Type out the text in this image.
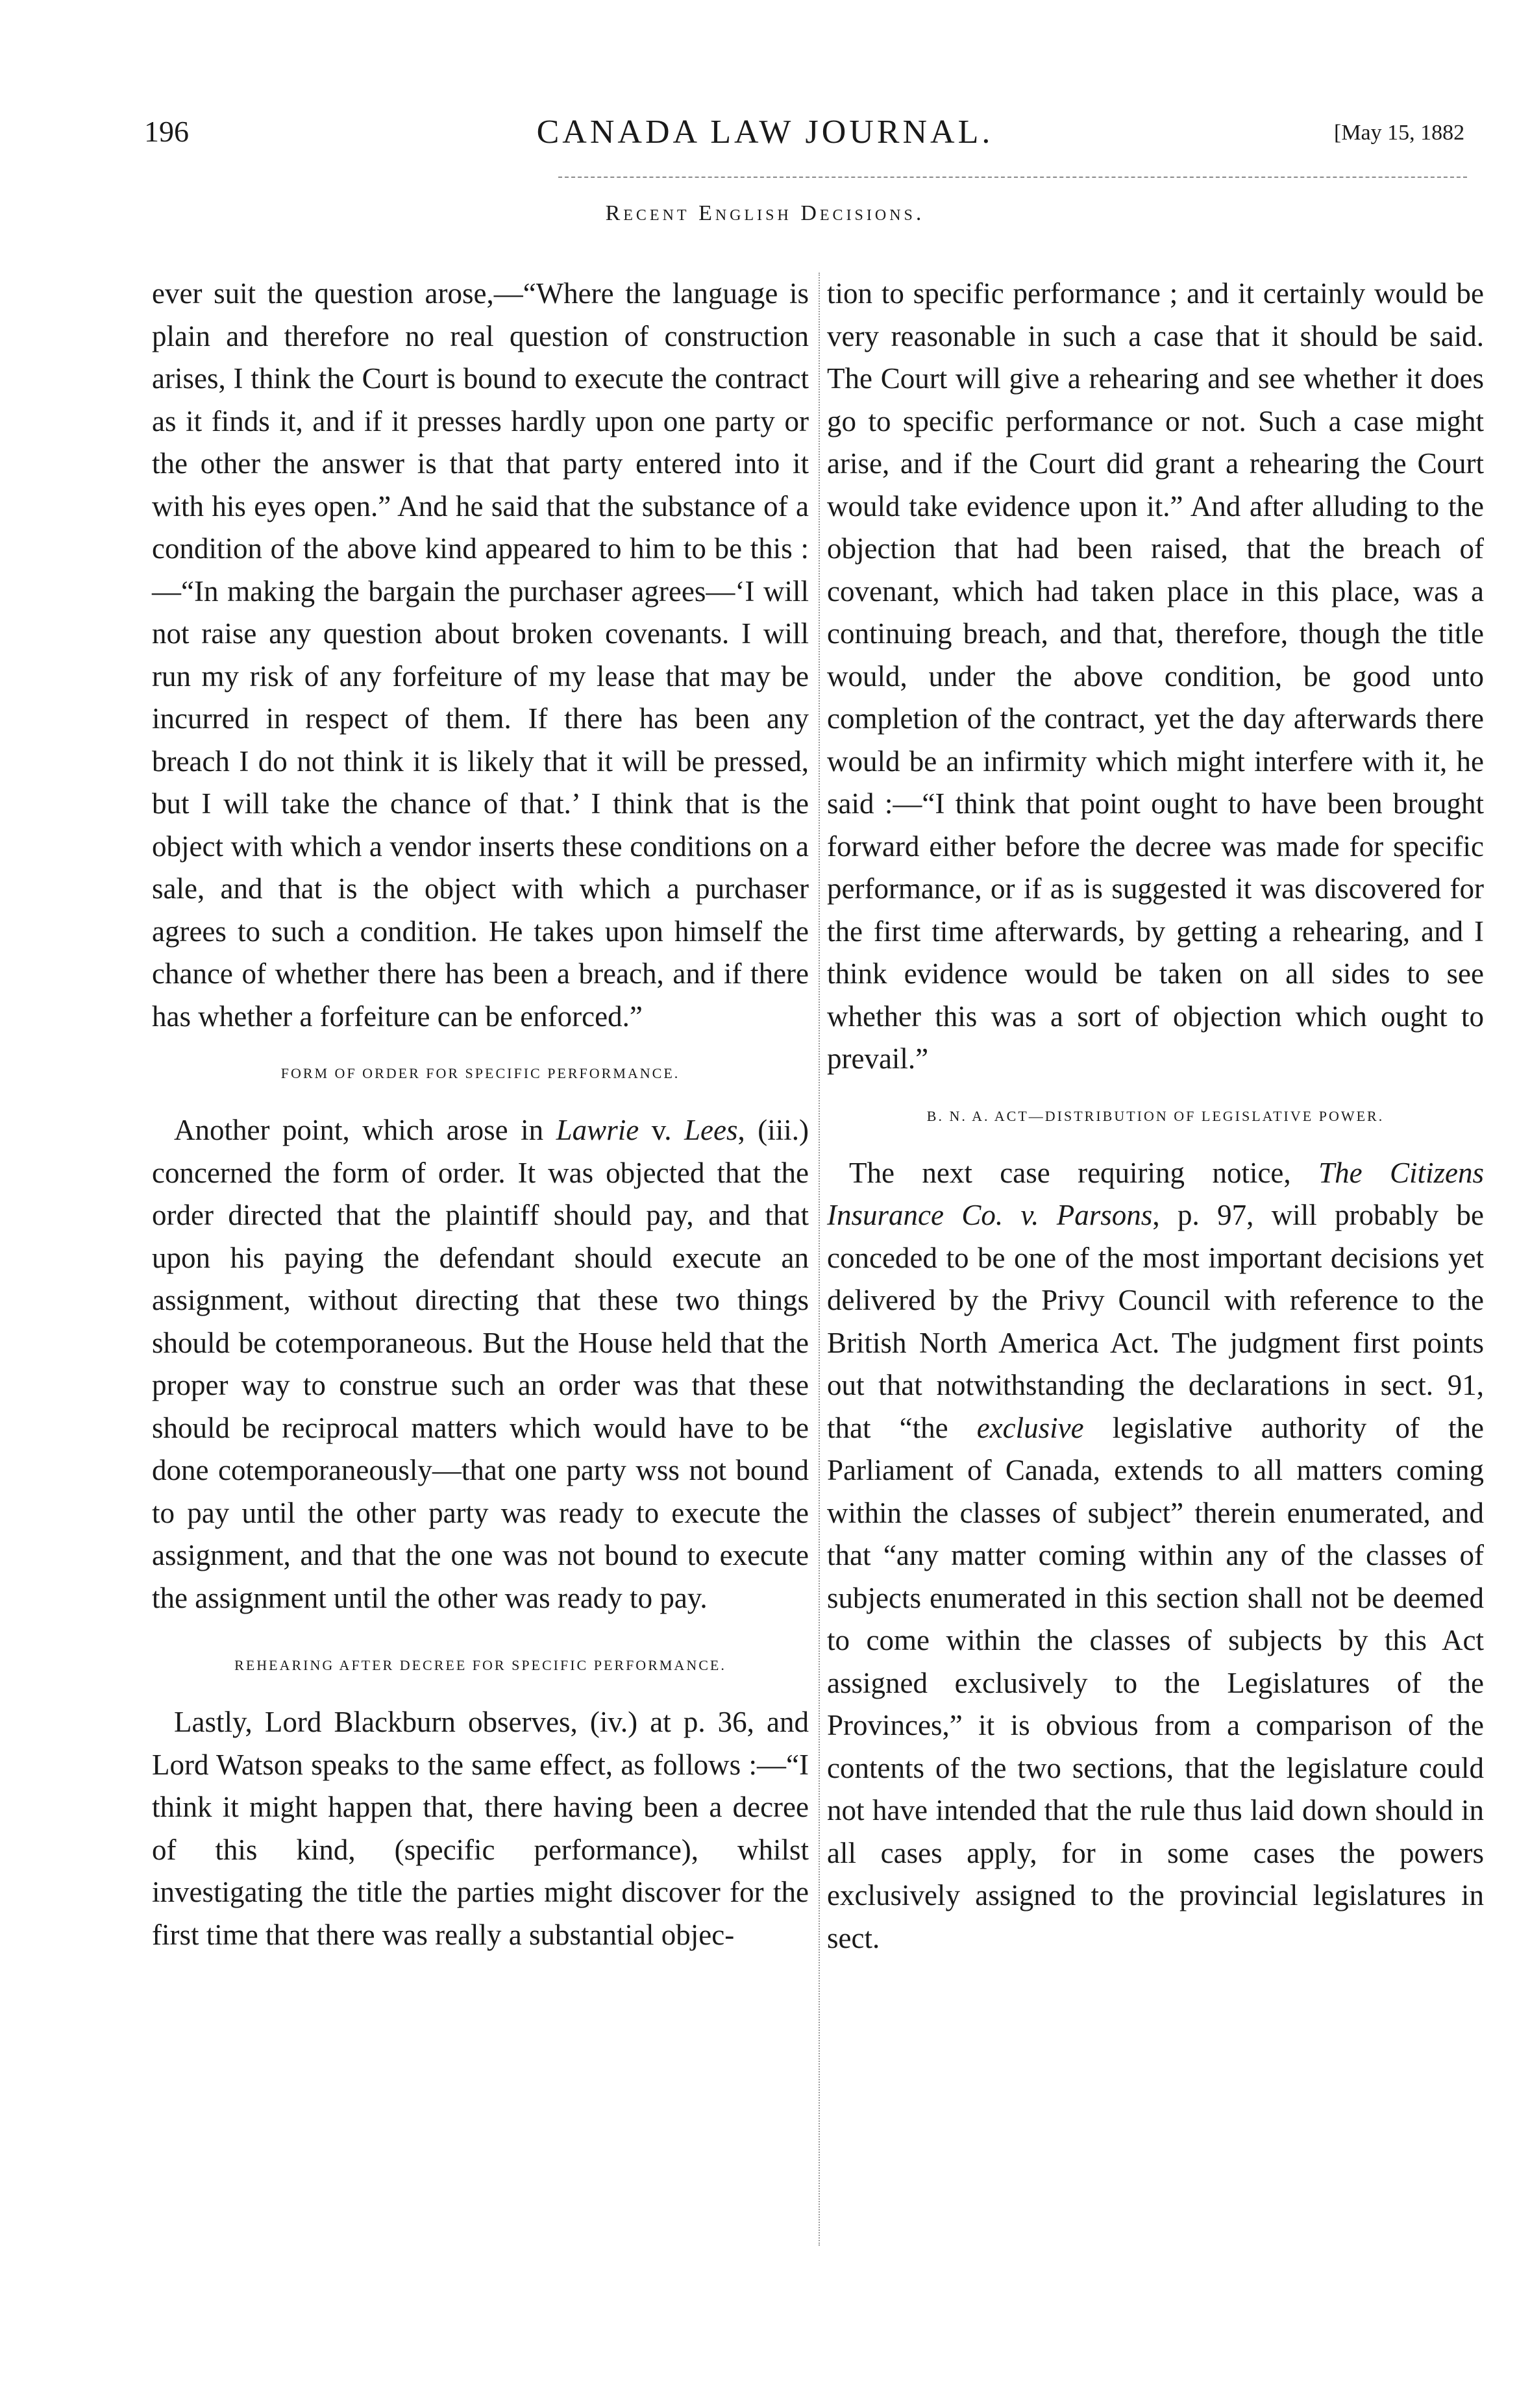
196	CANADA LAW JOURNAL.	[May 15, 1882
Recent English Decisions.

ever suit the question arose,—“Where the language is plain and therefore no real question of construction arises, I think the Court is bound to execute the contract as it finds it, and if it presses hardly upon one party or the other the answer is that that party entered into it with his eyes open.” And he said that the substance of a condition of the above kind appeared to him to be this :—“In making the bargain the purchaser agrees—‘I will not raise any question about broken covenants. I will run my risk of any forfeiture of my lease that may be incurred in respect of them. If there has been any breach I do not think it is likely that it will be pressed, but I will take the chance of that.’ I think that is the object with which a vendor inserts these conditions on a sale, and that is the object with which a purchaser agrees to such a condition. He takes upon himself the chance of whether there has been a breach, and if there has whether a forfeiture can be enforced.”

FORM OF ORDER FOR SPECIFIC PERFORMANCE.

Another point, which arose in Lawrie v. Lees, (iii.) concerned the form of order. It was objected that the order directed that the plaintiff should pay, and that upon his paying the defendant should execute an assignment, without directing that these two things should be cotemporaneous. But the House held that the proper way to construe such an order was that these should be reciprocal matters which would have to be done cotemporaneously—that one party wss not bound to pay until the other party was ready to execute the assignment, and that the one was not bound to execute the assignment until the other was ready to pay.

REHEARING AFTER DECREE FOR SPECIFIC PERFORMANCE.

Lastly, Lord Blackburn observes, (iv.) at p. 36, and Lord Watson speaks to the same effect, as follows :—“I think it might happen that, there having been a decree of this kind, (specific performance), whilst investigating the title the parties might discover for the first time that there was really a substantial objec-

tion to specific performance ; and it certainly would be very reasonable in such a case that it should be said. The Court will give a rehearing and see whether it does go to specific performance or not. Such a case might arise, and if the Court did grant a rehearing the Court would take evidence upon it.” And after alluding to the objection that had been raised, that the breach of covenant, which had taken place in this place, was a continuing breach, and that, therefore, though the title would, under the above condition, be good unto completion of the contract, yet the day afterwards there would be an infirmity which might interfere with it, he said :—“I think that point ought to have been brought forward either before the decree was made for specific performance, or if as is suggested it was discovered for the first time afterwards, by getting a rehearing, and I think evidence would be taken on all sides to see whether this was a sort of objection which ought to prevail.”

B. N. A. ACT—DISTRIBUTION OF LEGISLATIVE POWER.

The next case requiring notice, The Citizens Insurance Co. v. Parsons, p. 97, will probably be conceded to be one of the most important decisions yet delivered by the Privy Council with reference to the British North America Act. The judgment first points out that notwithstanding the declarations in sect. 91, that “the exclusive legislative authority of the Parliament of Canada, extends to all matters coming within the classes of subject” therein enumerated, and that “any matter coming within any of the classes of subjects enumerated in this section shall not be deemed to come within the classes of subjects by this Act assigned exclusively to the Legislatures of the Provinces,” it is obvious from a comparison of the contents of the two sections, that the legislature could not have intended that the rule thus laid down should in all cases apply, for in some cases the powers exclusively assigned to the provincial legislatures in sect.
